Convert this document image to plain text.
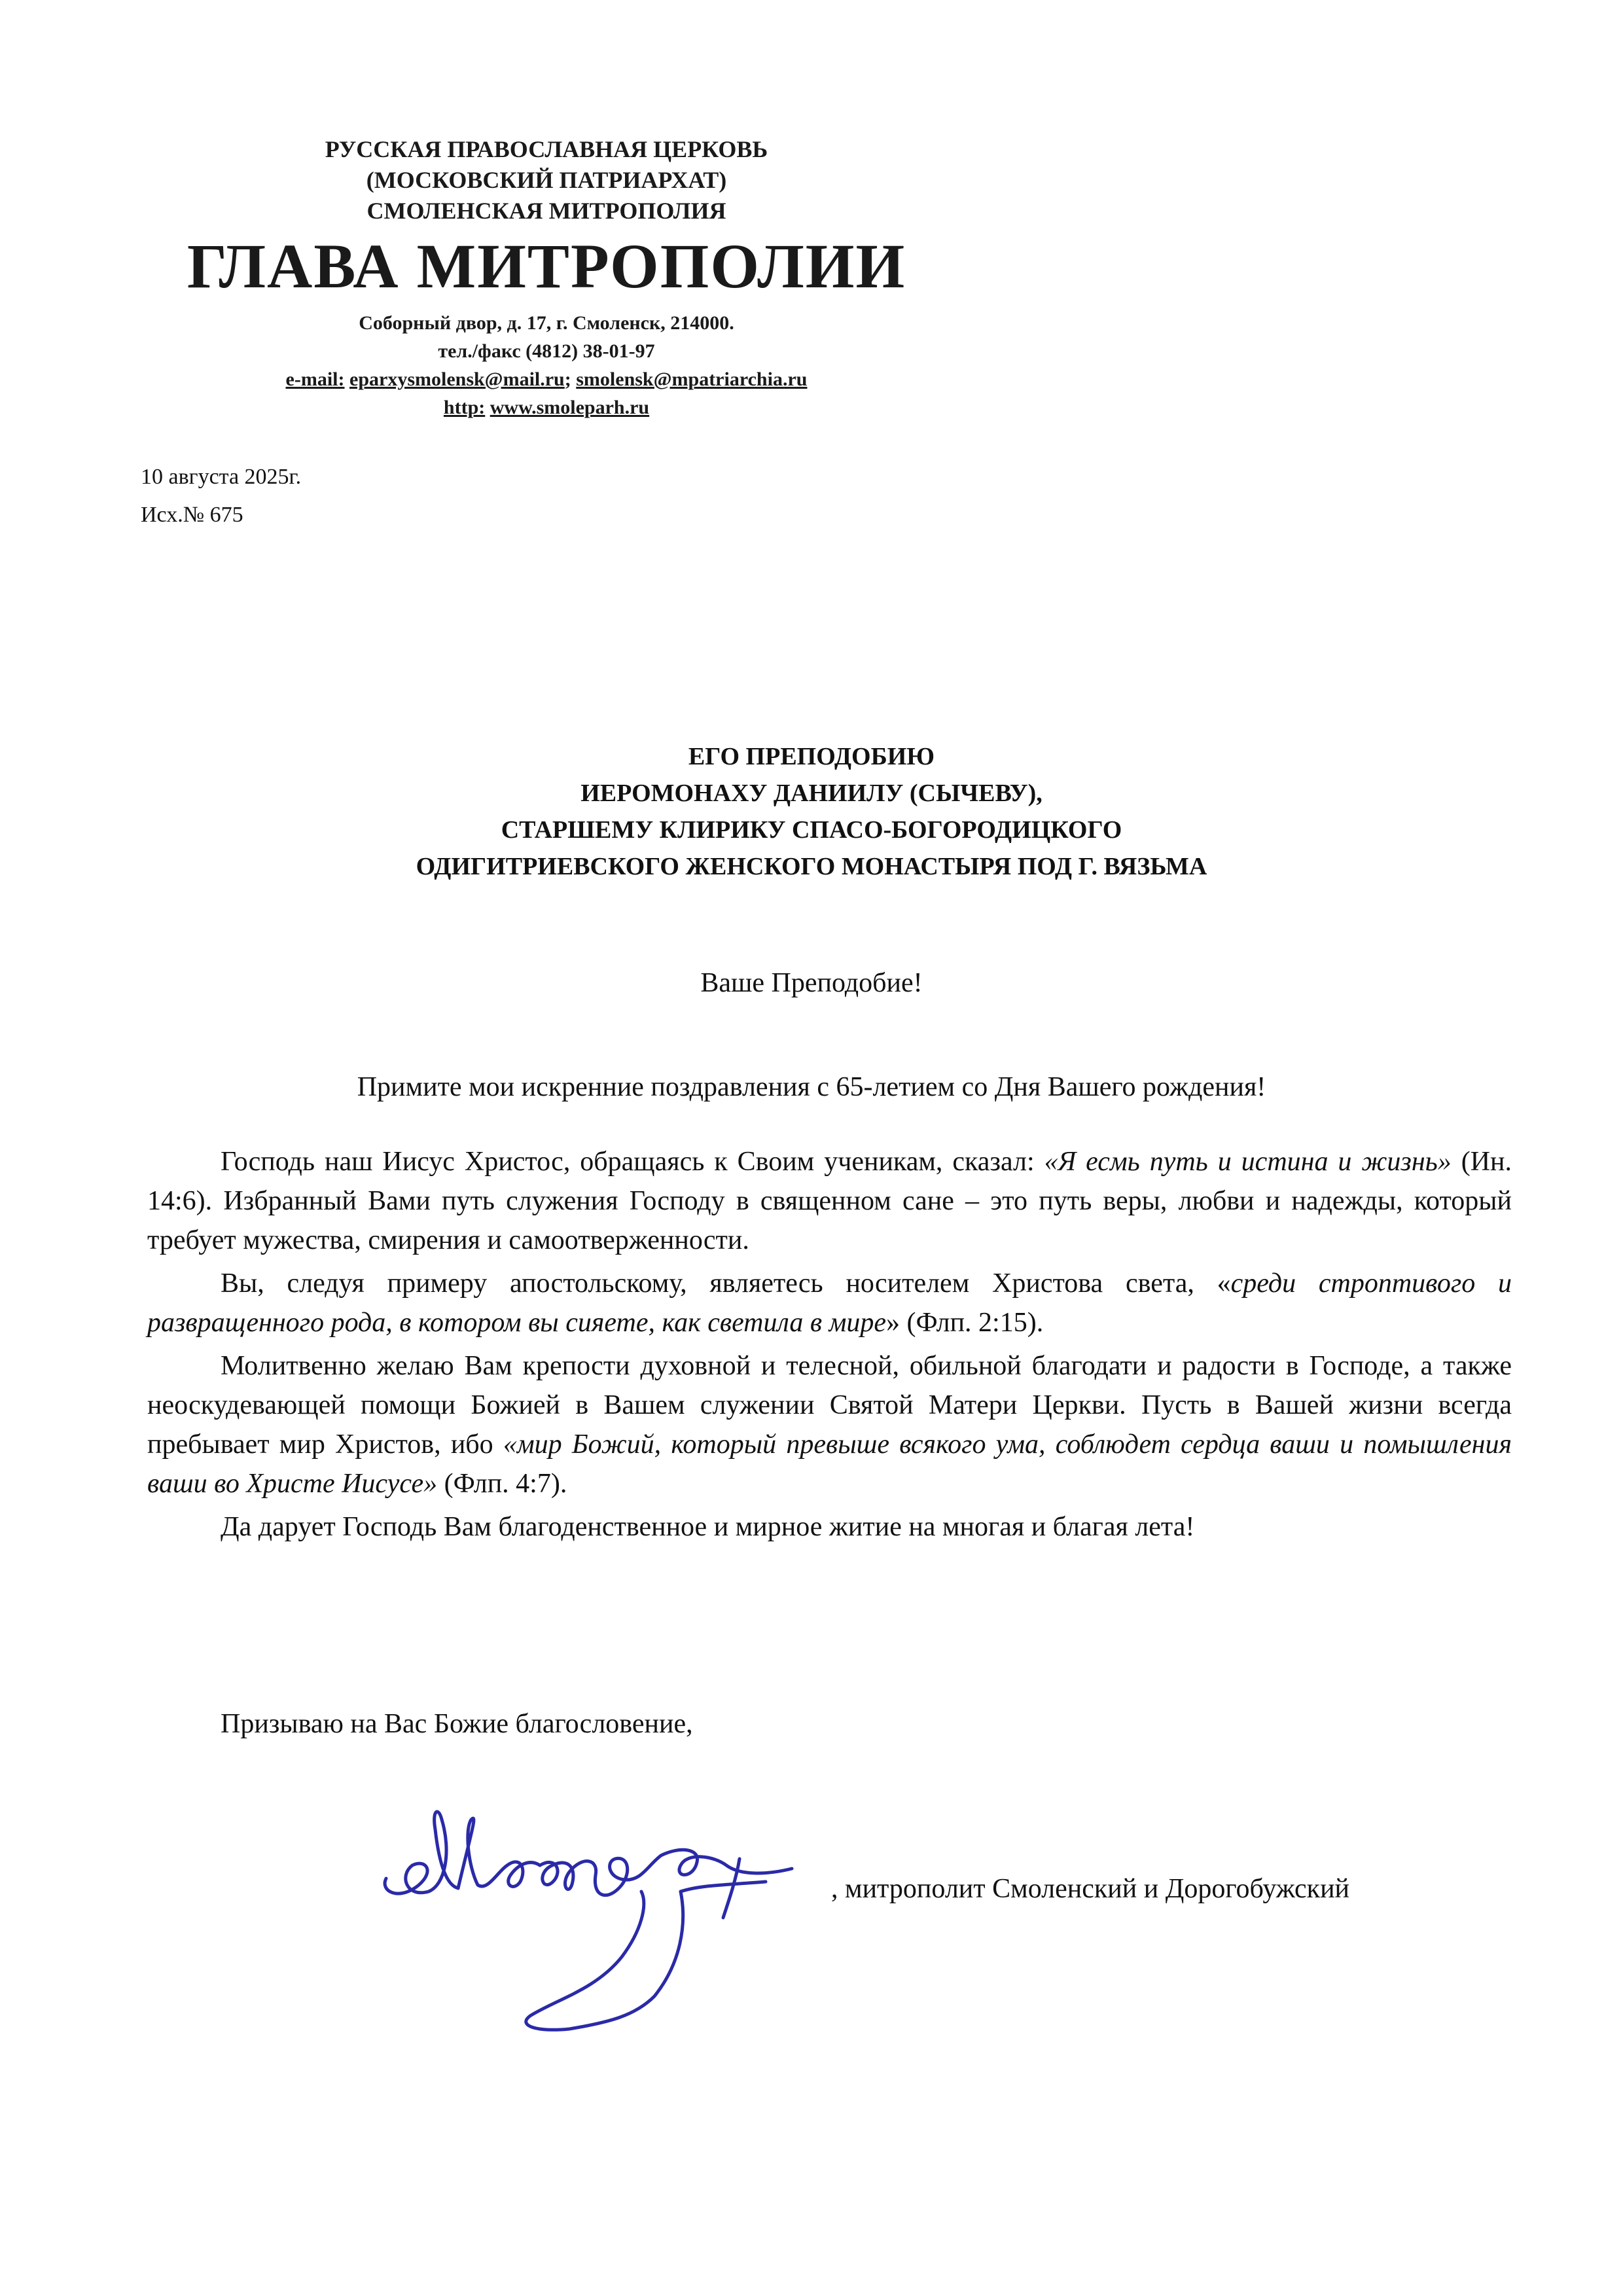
РУССКАЯ ПРАВОСЛАВНАЯ ЦЕРКОВЬ
(МОСКОВСКИЙ ПАТРИАРХАТ)
СМОЛЕНСКАЯ МИТРОПОЛИЯ
ГЛАВА МИТРОПОЛИИ
Соборный двор, д. 17, г. Смоленск, 214000.
тел./факс (4812) 38-01-97
e-mail: eparxysmolensk@mail.ru; smolensk@mpatriarchia.ru
http: www.smoleparh.ru
10 августа 2025г.
Исх.№ 675
ЕГО ПРЕПОДОБИЮ
ИЕРОМОНАХУ ДАНИИЛУ (СЫЧЕВУ),
СТАРШЕМУ КЛИРИКУ СПАСО-БОГОРОДИЦКОГО
ОДИГИТРИЕВСКОГО ЖЕНСКОГО МОНАСТЫРЯ ПОД Г. ВЯЗЬМА
Ваше Преподобие!
Примите мои искренние поздравления с 65-летием со Дня Вашего рождения!

Господь наш Иисус Христос, обращаясь к Своим ученикам, сказал: «Я есмь путь и истина и жизнь» (Ин. 14:6). Избранный Вами путь служения Господу в священном сане – это путь веры, любви и надежды, который требует мужества, смирения и самоотверженности.

Вы, следуя примеру апостольскому, являетесь носителем Христова света, «среди строптивого и развращенного рода, в котором вы сияете, как светила в мире» (Флп. 2:15).

Молитвенно желаю Вам крепости духовной и телесной, обильной благодати и радости в Господе, а также неоскудевающей помощи Божией в Вашем служении Святой Матери Церкви. Пусть в Вашей жизни всегда пребывает мир Христов, ибо «мир Божий, который превыше всякого ума, соблюдет сердца ваши и помышления ваши во Христе Иисусе» (Флп. 4:7).

Да дарует Господь Вам благоденственное и мирное житие на многая и благая лета!

Призываю на Вас Божие благословение,
, митрополит Смоленский и Дорогобужский
